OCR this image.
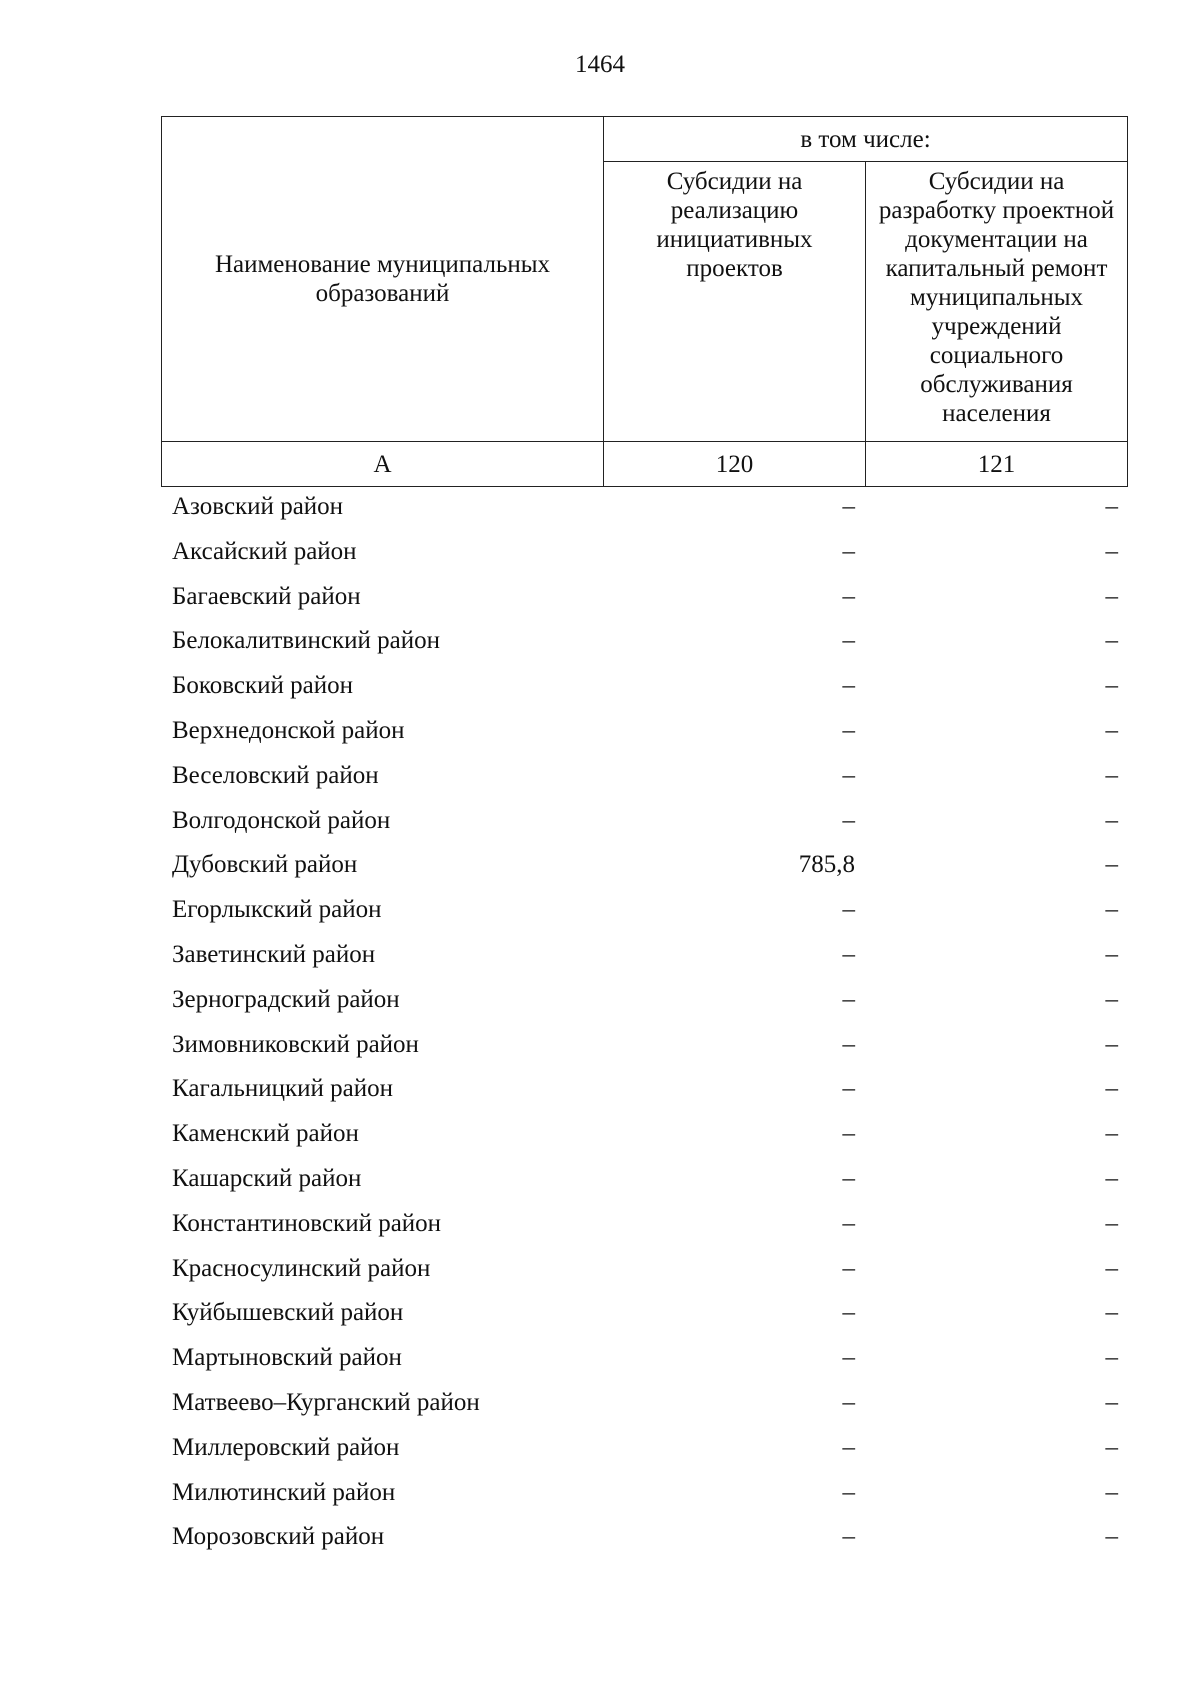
1464
Наименование муниципальных образований	в том числе:	

	Субсидии на реализацию инициативных проектов	Субсидии на разработку проектной документации на капитальный ремонт муниципальных учреждений социального обслуживания населения

А	120	121
Азовский район	–	–
Аксайский район	–	–
Багаевский район	–	–
Белокалитвинский район	–	–
Боковский район	–	–
Верхнедонской район	–	–
Веселовский район	–	–
Волгодонской район	–	–
Дубовский район	785,8	–
Егорлыкский район	–	–
Заветинский район	–	–
Зерноградский район	–	–
Зимовниковский район	–	–
Кагальницкий район	–	–
Каменский район	–	–
Кашарский район	–	–
Константиновский район	–	–
Красносулинский район	–	–
Куйбышевский район	–	–
Мартыновский район	–	–
Матвеево–Курганский район	–	–
Миллеровский район	–	–
Милютинский район	–	–
Морозовский район	–	–
